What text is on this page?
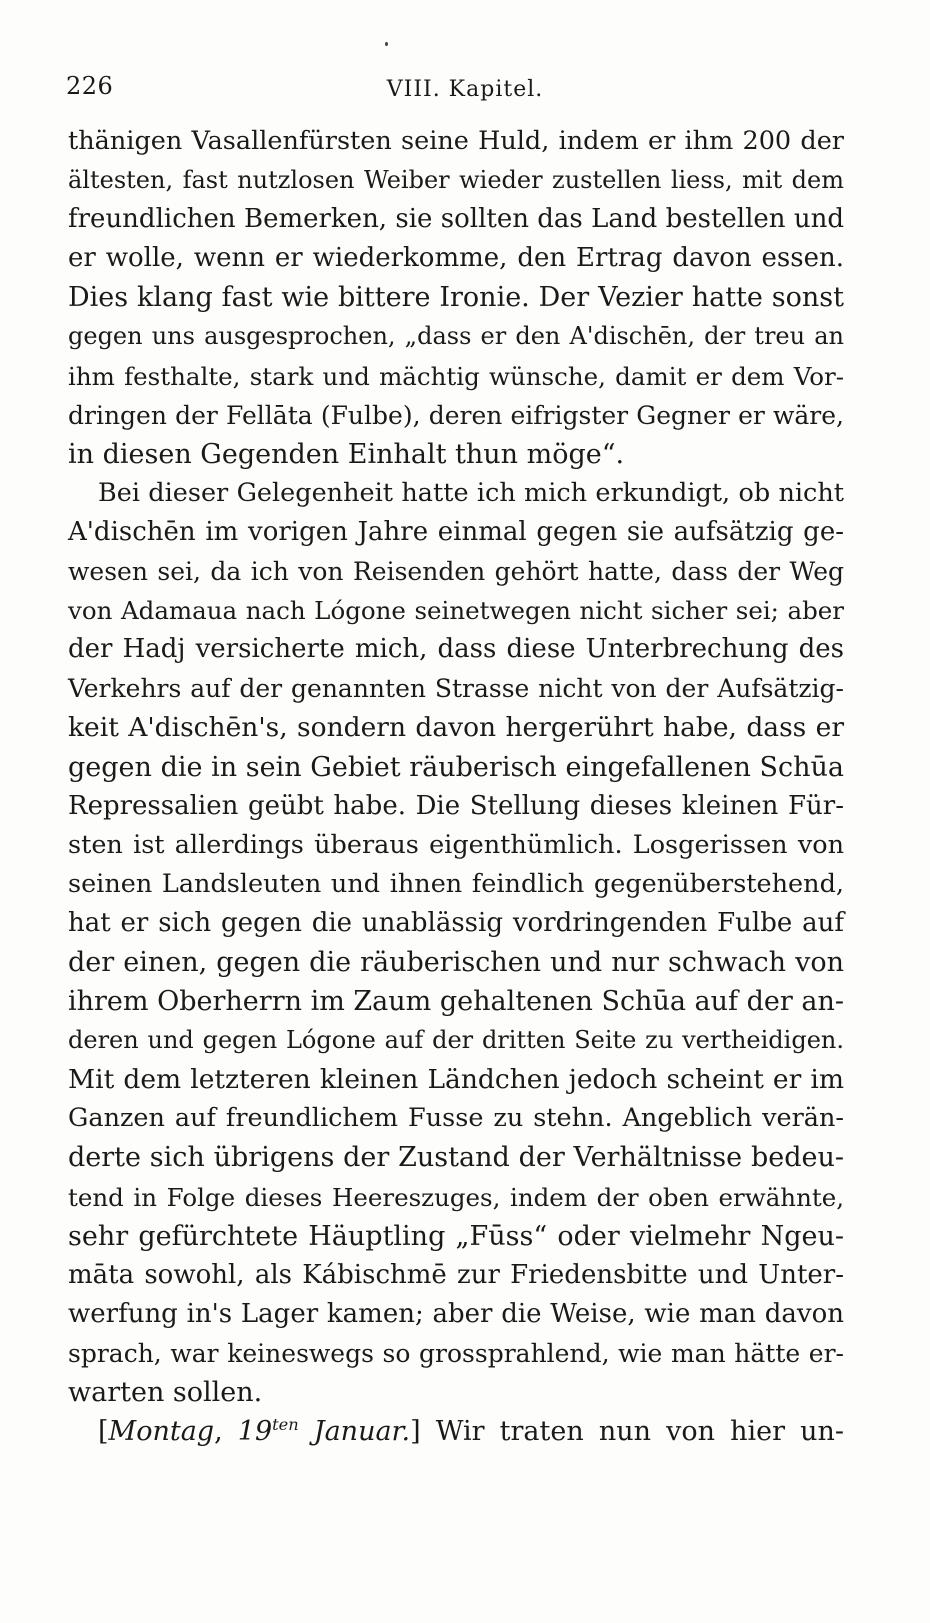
226	VIII. Kapitel.
thänigen Vasallenfürsten seine Huld, indem er ihm 200 der
ältesten, fast nutzlosen Weiber wieder zustellen liess, mit dem
freundlichen Bemerken, sie sollten das Land bestellen und
er wolle, wenn er wiederkomme, den Ertrag davon essen.
Dies klang fast wie bittere Ironie. Der Vezier hatte sonst
gegen uns ausgesprochen, „dass er den A'dischēn, der treu an
ihm festhalte, stark und mächtig wünsche, damit er dem Vor-
dringen der Fellāta (Fulbe), deren eifrigster Gegner er wäre,
in diesen Gegenden Einhalt thun möge“.
Bei dieser Gelegenheit hatte ich mich erkundigt, ob nicht
A'dischēn im vorigen Jahre einmal gegen sie aufsätzig ge-
wesen sei, da ich von Reisenden gehört hatte, dass der Weg
von Adamaua nach Lógone seinetwegen nicht sicher sei; aber
der Hadj versicherte mich, dass diese Unterbrechung des
Verkehrs auf der genannten Strasse nicht von der Aufsätzig-
keit A'dischēn's, sondern davon hergerührt habe, dass er
gegen die in sein Gebiet räuberisch eingefallenen Schūa
Repressalien geübt habe. Die Stellung dieses kleinen Für-
sten ist allerdings überaus eigenthümlich. Losgerissen von
seinen Landsleuten und ihnen feindlich gegenüberstehend,
hat er sich gegen die unablässig vordringenden Fulbe auf
der einen, gegen die räuberischen und nur schwach von
ihrem Oberherrn im Zaum gehaltenen Schūa auf der an-
deren und gegen Lógone auf der dritten Seite zu vertheidigen.
Mit dem letzteren kleinen Ländchen jedoch scheint er im
Ganzen auf freundlichem Fusse zu stehn. Angeblich verän-
derte sich übrigens der Zustand der Verhältnisse bedeu-
tend in Folge dieses Heereszuges, indem der oben erwähnte,
sehr gefürchtete Häuptling „Fūss“ oder vielmehr Ngeu-
māta sowohl, als Kábischmē zur Friedensbitte und Unter-
werfung in's Lager kamen; aber die Weise, wie man davon
sprach, war keineswegs so grossprahlend, wie man hätte er-
warten sollen.
[Montag, $19^{ten}$ Januar.] Wir traten nun von hier un-
